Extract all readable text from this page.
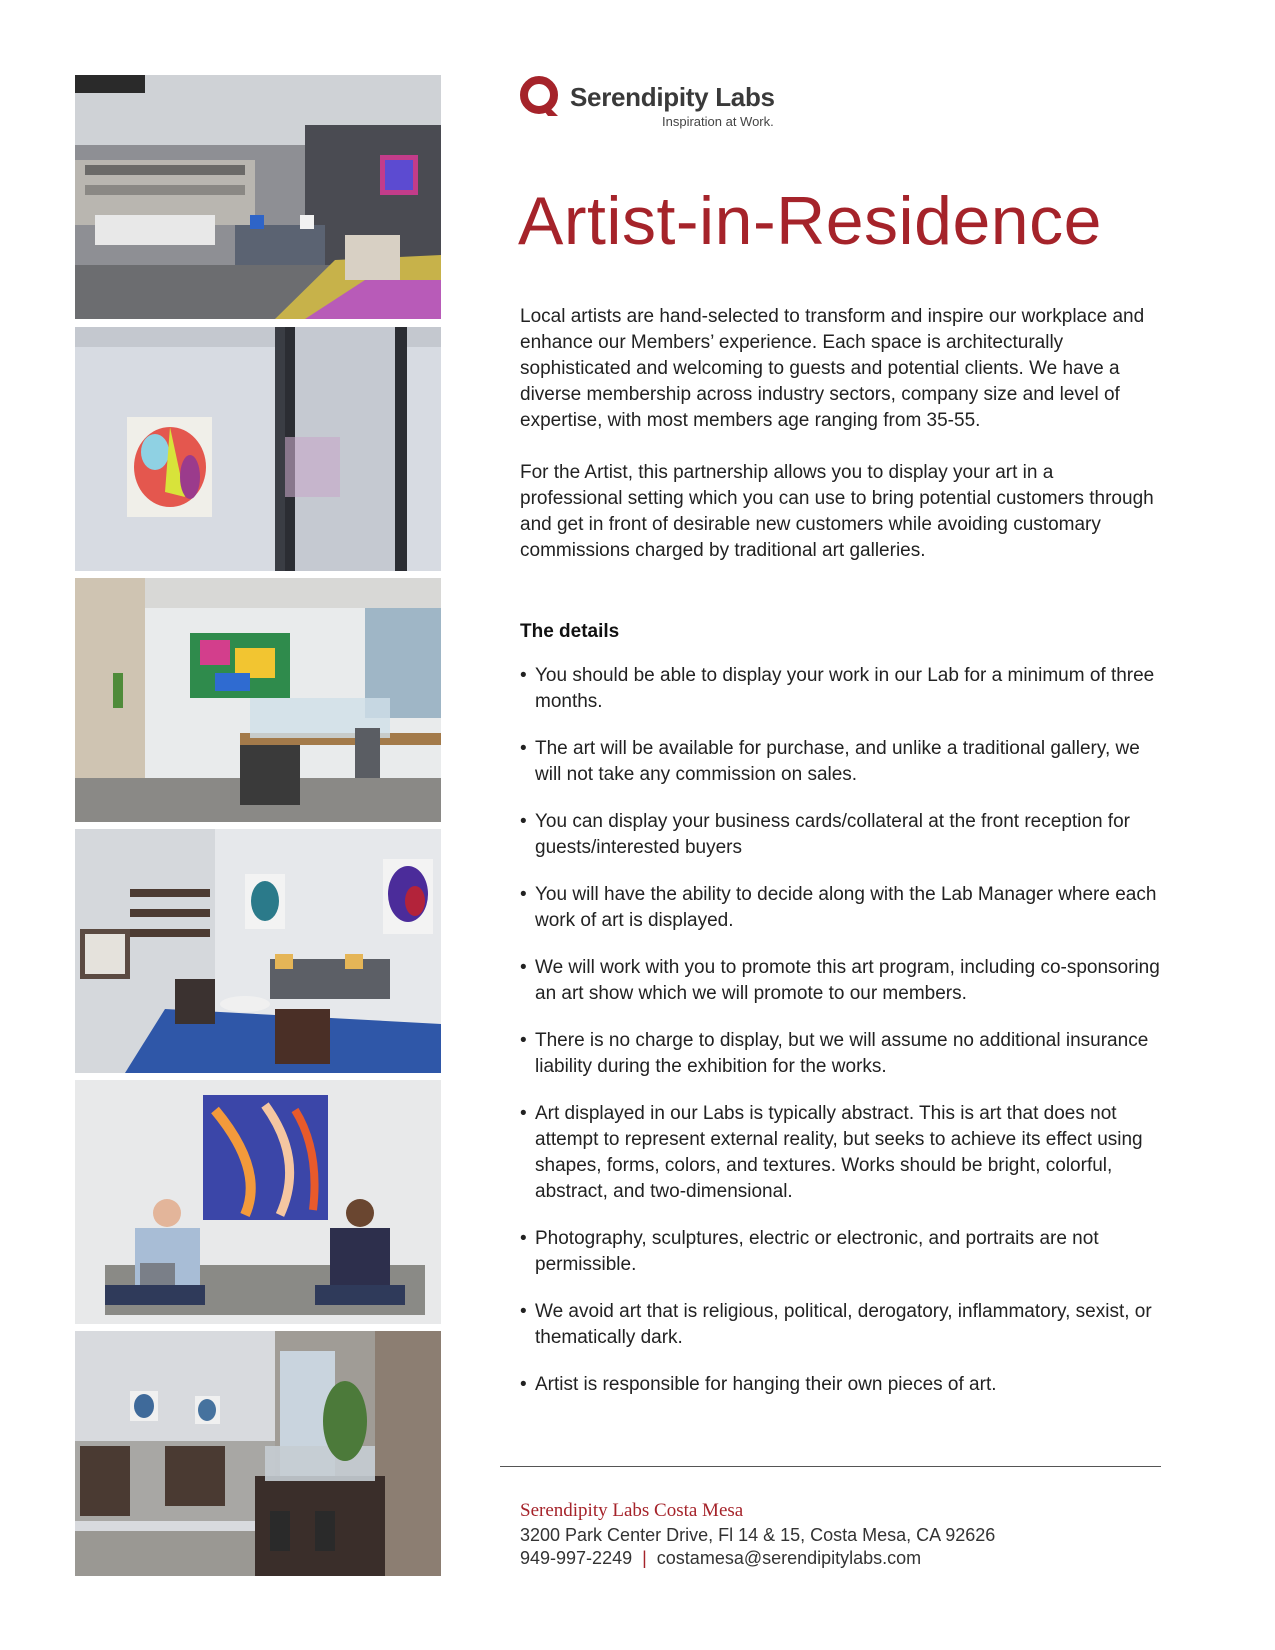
Serendipity Labs
Inspiration at Work.
Artist-in-Residence

Local artists are hand-selected to transform and inspire our workplace and enhance our Members’ experience. Each space is architecturally sophisticated and welcoming to guests and potential clients. We have a diverse membership across industry sectors, company size and level of expertise, with most members age ranging from 35-55.

For the Artist, this partnership allows you to display your art in a professional setting which you can use to bring potential customers through and get in front of desirable new customers while avoiding customary commissions charged by traditional art galleries.

The details
• You should be able to display your work in our Lab for a minimum of three months.
• The art will be available for purchase, and unlike a traditional gallery, we will not take any commission on sales.
• You can display your business cards/collateral at the front reception for guests/interested buyers
• You will have the ability to decide along with the Lab Manager where each work of art is displayed.
• We will work with you to promote this art program, including co-sponsoring an art show which we will promote to our members.
• There is no charge to display, but we will assume no additional insurance liability during the exhibition for the works.
• Art displayed in our Labs is typically abstract. This is art that does not attempt to represent external reality, but seeks to achieve its effect using shapes, forms, colors, and textures. Works should be bright, colorful, abstract, and two-dimensional.
• Photography, sculptures, electric or electronic, and portraits are not permissible.
• We avoid art that is religious, political, derogatory, inflammatory, sexist, or thematically dark.
• Artist is responsible for hanging their own pieces of art.
Serendipity Labs Costa Mesa
3200 Park Center Drive, Fl 14 & 15, Costa Mesa, CA 92626
949-997-2249 | costamesa@serendipitylabs.com
